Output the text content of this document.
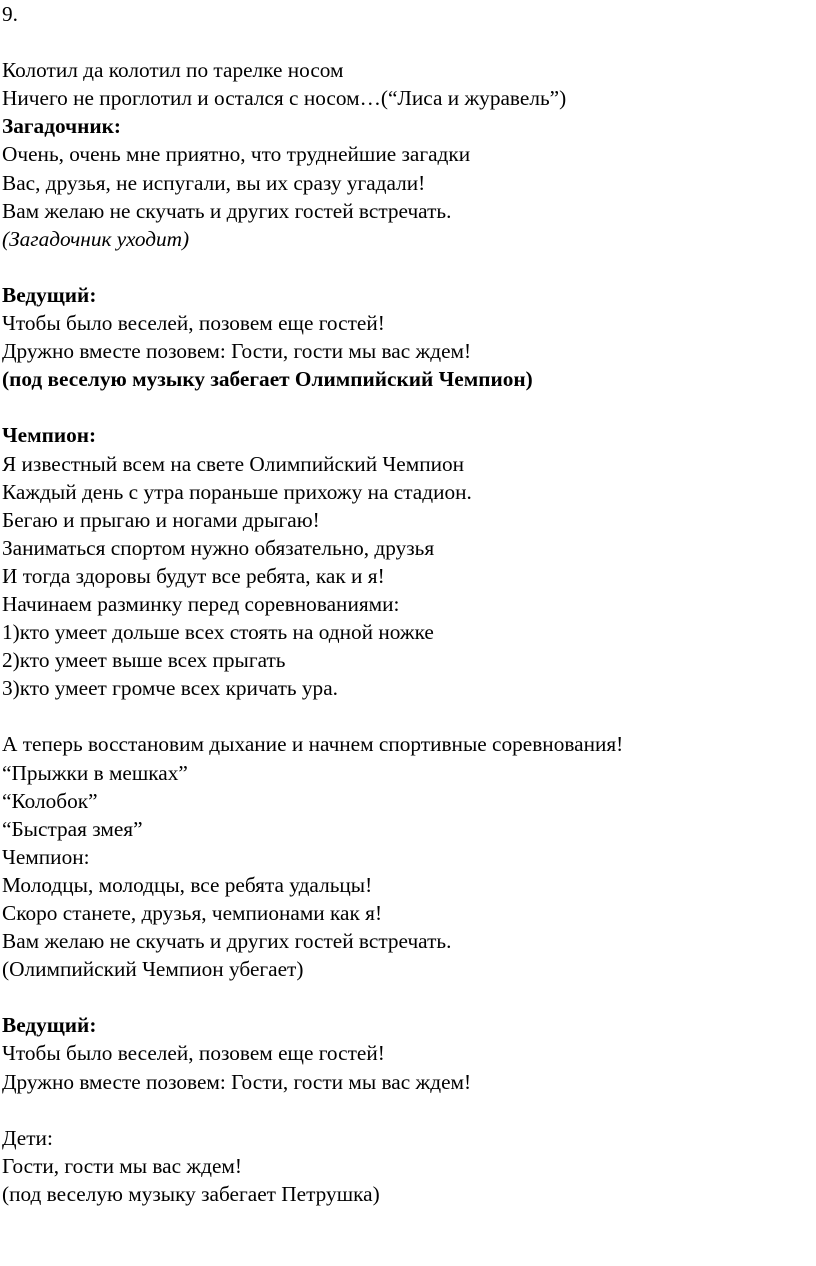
9.
Колотил да колотил по тарелке носом
Ничего не проглотил и остался с носом…(“Лиса и журавель”)
Загадочник:
Очень, очень мне приятно, что труднейшие загадки
Вас, друзья, не испугали, вы их сразу угадали!
Вам желаю не скучать и других гостей встречать.
(Загадочник уходит)
Ведущий:
Чтобы было веселей, позовем еще гостей!
Дружно вместе позовем: Гости, гости мы вас ждем!
(под веселую музыку забегает Олимпийский Чемпион)
Чемпион:
Я известный всем на свете Олимпийский Чемпион
Каждый день с утра пораньше прихожу на стадион.
Бегаю и прыгаю и ногами дрыгаю!
Заниматься спортом нужно обязательно, друзья
И тогда здоровы будут все ребята, как и я!
Начинаем разминку перед соревнованиями:
1)кто умеет дольше всех стоять на одной ножке
2)кто умеет выше всех прыгать
3)кто умеет громче всех кричать ура.
А теперь восстановим дыхание и начнем спортивные соревнования!
“Прыжки в мешках”
“Колобок”
“Быстрая змея”
Чемпион:
Молодцы, молодцы, все ребята удальцы!
Скоро станете, друзья, чемпионами как я!
Вам желаю не скучать и других гостей встречать.
(Олимпийский Чемпион убегает)
Ведущий:
Чтобы было веселей, позовем еще гостей!
Дружно вместе позовем: Гости, гости мы вас ждем!
Дети:
Гости, гости мы вас ждем!
(под веселую музыку забегает Петрушка)
